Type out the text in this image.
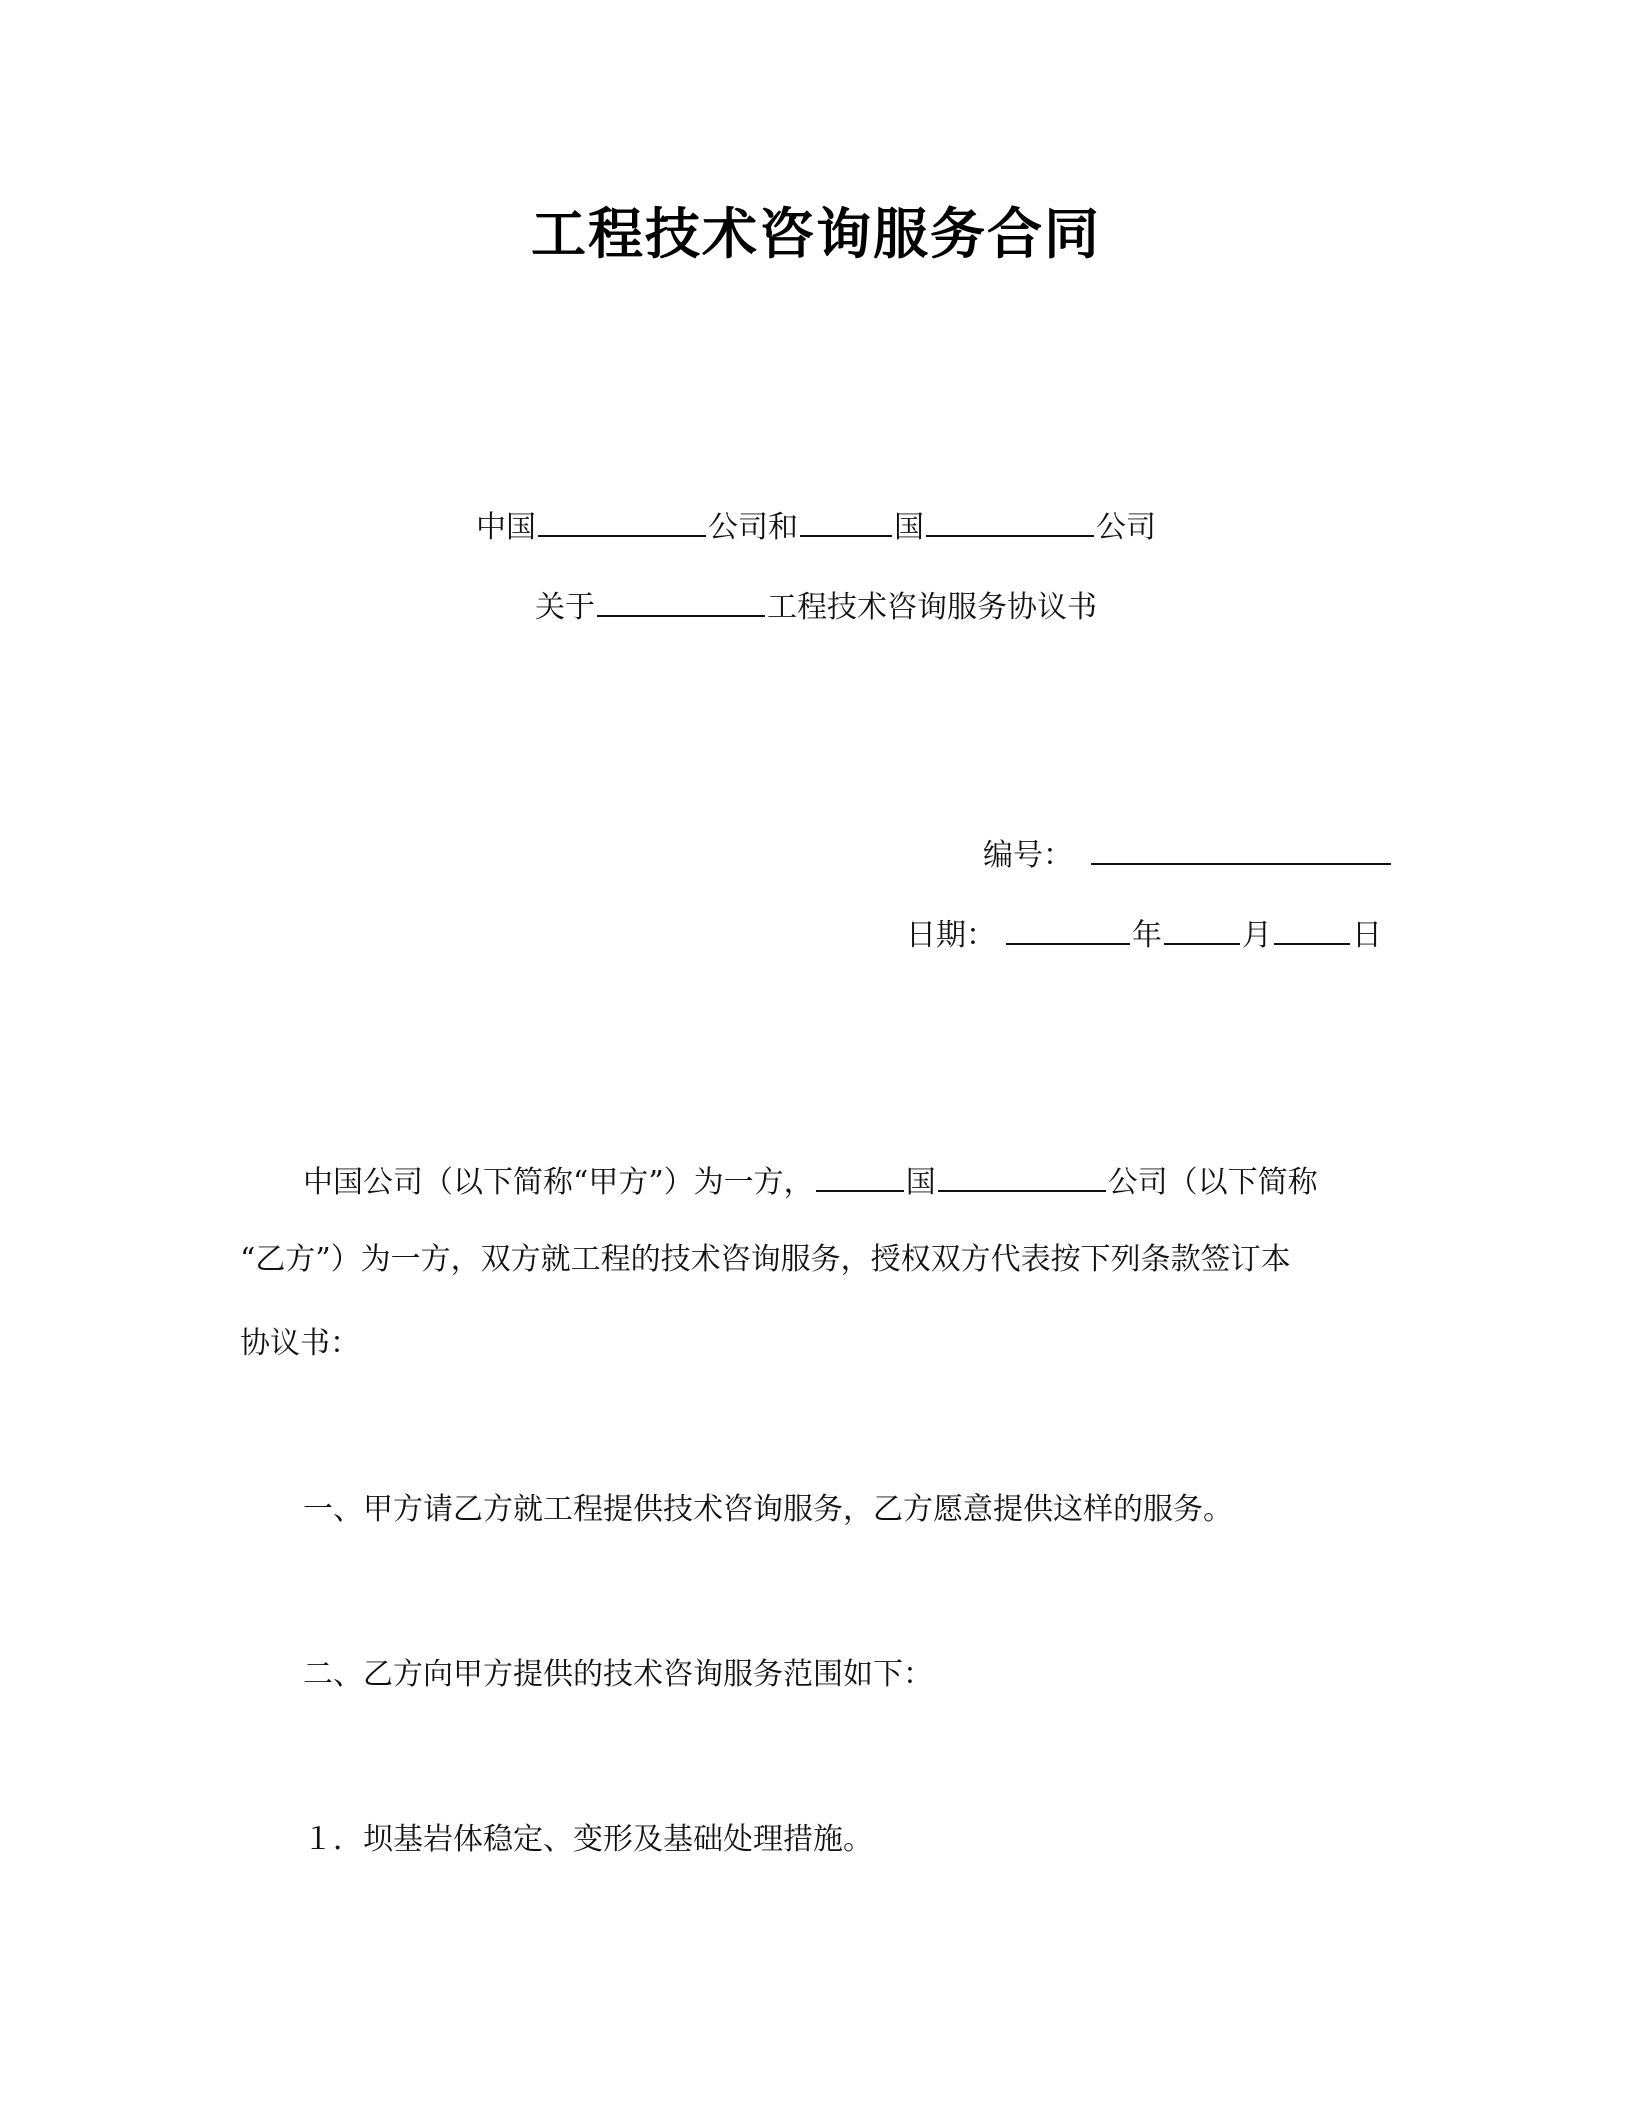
工程技术咨询服务合同
中国	公司和	国	公司
关于	工程技术咨询服务协议书
编号：
日期：	年	月	日
中国公司（以下简称“甲方”）为一方，	国	公司（以下简称
“乙方”）为一方，双方就工程的技术咨询服务，授权双方代表按下列条款签订本
协议书：
一、甲方请乙方就工程提供技术咨询服务，乙方愿意提供这样的服务。
二、乙方向甲方提供的技术咨询服务范围如下：
１．坝基岩体稳定、变形及基础处理措施。
